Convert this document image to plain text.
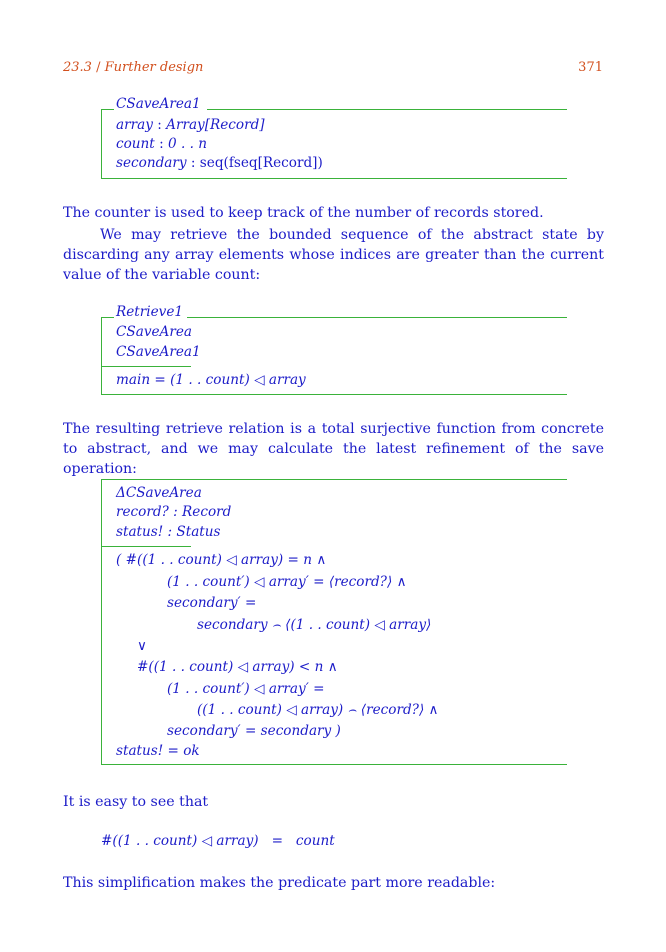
23.3 / Further design	371
CSaveArea1
array : Array[Record]
count : 0 . . n
secondary : seq(fseq[Record])
The counter is used to keep track of the number of records stored.
We may retrieve the bounded sequence of the abstract state by discarding any array elements whose indices are greater than the current value of the variable count:
Retrieve1
CSaveArea
CSaveArea1
main = (1 . . count) ◁ array
The resulting retrieve relation is a total surjective function from concrete to abstract, and we may calculate the latest refinement of the save operation:
ΔCSaveArea
record? : Record
status! : Status
( #((1 . . count) ◁ array) = n ∧
(1 . . count′) ◁ array′ = ⟨record?⟩ ∧
secondary′ =
secondary ⌢ ⟨(1 . . count) ◁ array⟩
∨
#((1 . . count) ◁ array) < n ∧
(1 . . count′) ◁ array′ =
((1 . . count) ◁ array) ⌢ ⟨record?⟩ ∧
secondary′ = secondary )
status! = ok
It is easy to see that
#((1 . . count) ◁ array)   =   count
This simplification makes the predicate part more readable:
